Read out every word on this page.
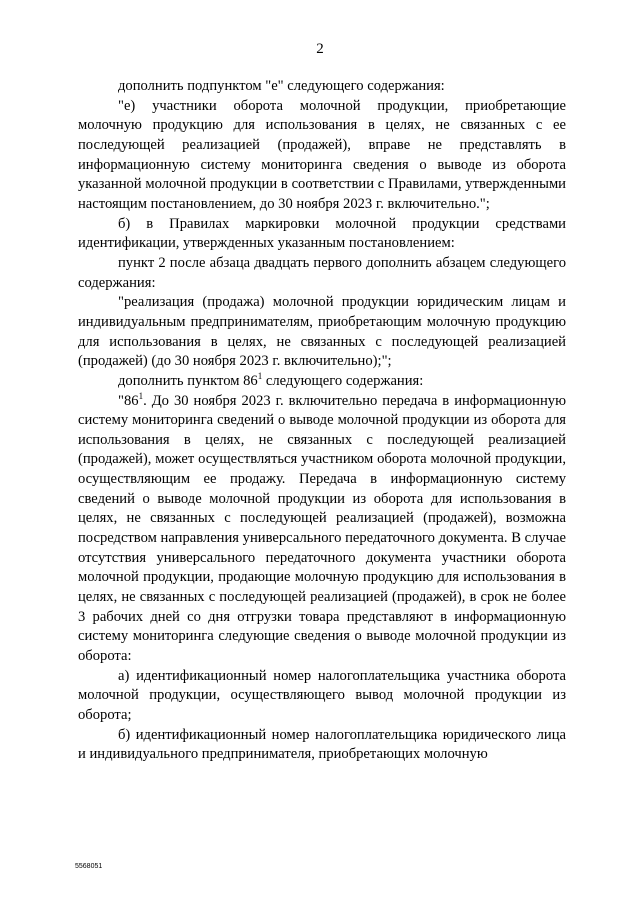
2

дополнить подпунктом "е" следующего содержания:

"е) участники оборота молочной продукции, приобретающие молочную продукцию для использования в целях, не связанных с ее последующей реализацией (продажей), вправе не представлять в информационную систему мониторинга сведения о выводе из оборота указанной молочной продукции в соответствии с Правилами, утвержденными настоящим постановлением, до 30 ноября 2023 г. включительно.";

б) в Правилах маркировки молочной продукции средствами идентификации, утвержденных указанным постановлением:

пункт 2 после абзаца двадцать первого дополнить абзацем следующего содержания:

"реализация (продажа) молочной продукции юридическим лицам и индивидуальным предпринимателям, приобретающим молочную продукцию для использования в целях, не связанных с последующей реализацией (продажей) (до 30 ноября 2023 г. включительно);";

дополнить пунктом $86^1$ следующего содержания:

"$86^1$. До 30 ноября 2023 г. включительно передача в информационную систему мониторинга сведений о выводе молочной продукции из оборота для использования в целях, не связанных с последующей реализацией (продажей), может осуществляться участником оборота молочной продукции, осуществляющим ее продажу. Передача в информационную систему сведений о выводе молочной продукции из оборота для использования в целях, не связанных с последующей реализацией (продажей), возможна посредством направления универсального передаточного документа. В случае отсутствия универсального передаточного документа участники оборота молочной продукции, продающие молочную продукцию для использования в целях, не связанных с последующей реализацией (продажей), в срок не более 3 рабочих дней со дня отгрузки товара представляют в информационную систему мониторинга следующие сведения о выводе молочной продукции из оборота:

а) идентификационный номер налогоплательщика участника оборота молочной продукции, осуществляющего вывод молочной продукции из оборота;

б) идентификационный номер налогоплательщика юридического лица и индивидуального предпринимателя, приобретающих молочную

5568051
